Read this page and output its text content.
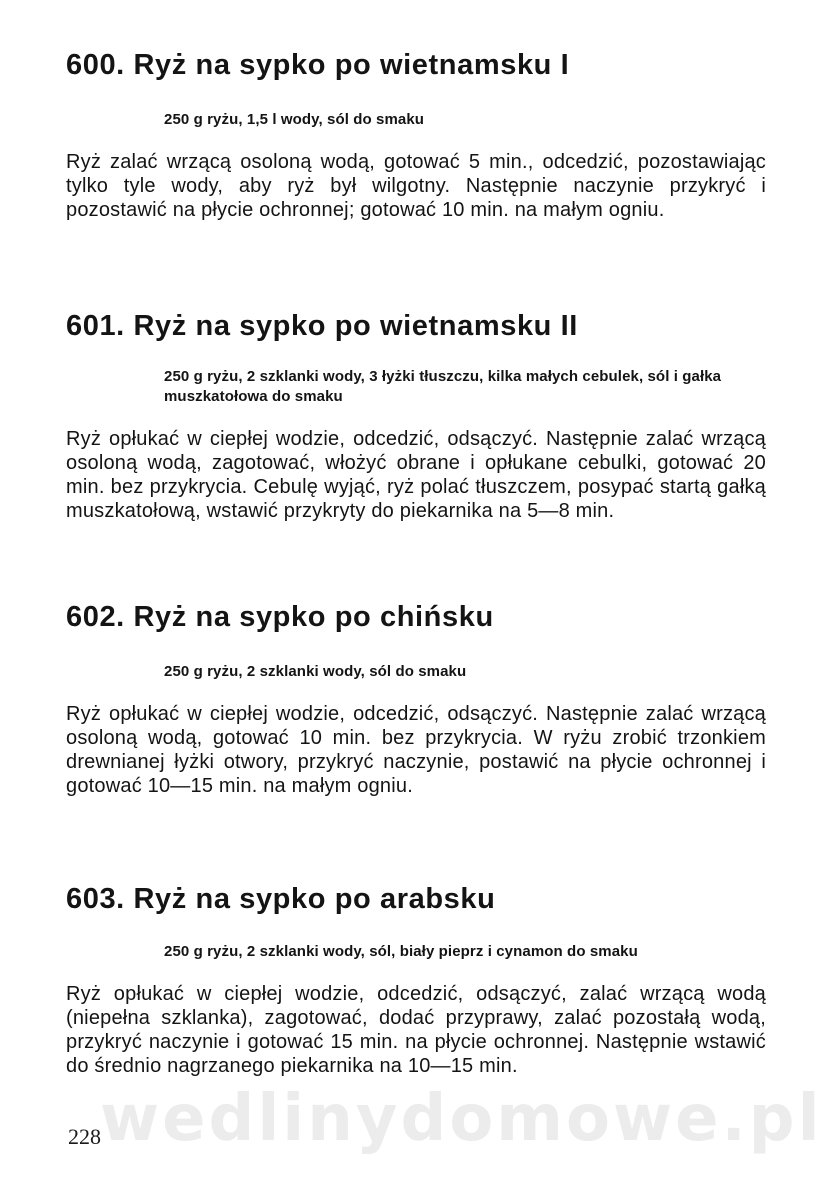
600. Ryż na sypko po wietnamsku I

250 g ryżu, 1,5 l wody, sól do smaku

Ryż zalać wrzącą osoloną wodą, gotować 5 min., odcedzić, pozostawiając tylko tyle wody, aby ryż był wilgotny. Następnie naczynie przykryć i pozostawić na płycie ochronnej; gotować 10 min. na małym ogniu.

601. Ryż na sypko po wietnamsku II

250 g ryżu, 2 szklanki wody, 3 łyżki tłuszczu, kilka małych cebulek, sól i gałka muszkatołowa do smaku

Ryż opłukać w ciepłej wodzie, odcedzić, odsączyć. Następnie zalać wrzącą osoloną wodą, zagotować, włożyć obrane i opłukane cebulki, gotować 20 min. bez przykrycia. Cebulę wyjąć, ryż polać tłuszczem, posypać startą gałką muszkatołową, wstawić przykryty do piekarnika na 5—8 min.

602. Ryż na sypko po chińsku

250 g ryżu, 2 szklanki wody, sól do smaku

Ryż opłukać w ciepłej wodzie, odcedzić, odsączyć. Następnie zalać wrzącą osoloną wodą, gotować 10 min. bez przykrycia. W ryżu zrobić trzonkiem drewnianej łyżki otwory, przykryć naczynie, postawić na płycie ochronnej i gotować 10—15 min. na małym ogniu.

603. Ryż na sypko po arabsku

250 g ryżu, 2 szklanki wody, sól, biały pieprz i cynamon do smaku

Ryż opłukać w ciepłej wodzie, odcedzić, odsączyć, zalać wrzącą wodą (niepełna szklanka), zagotować, dodać przyprawy, zalać pozostałą wodą, przykryć naczynie i gotować 15 min. na płycie ochronnej. Następnie wstawić do średnio nagrzanego piekarnika na 10—15 min.

wedlinydomowe.pl
228
